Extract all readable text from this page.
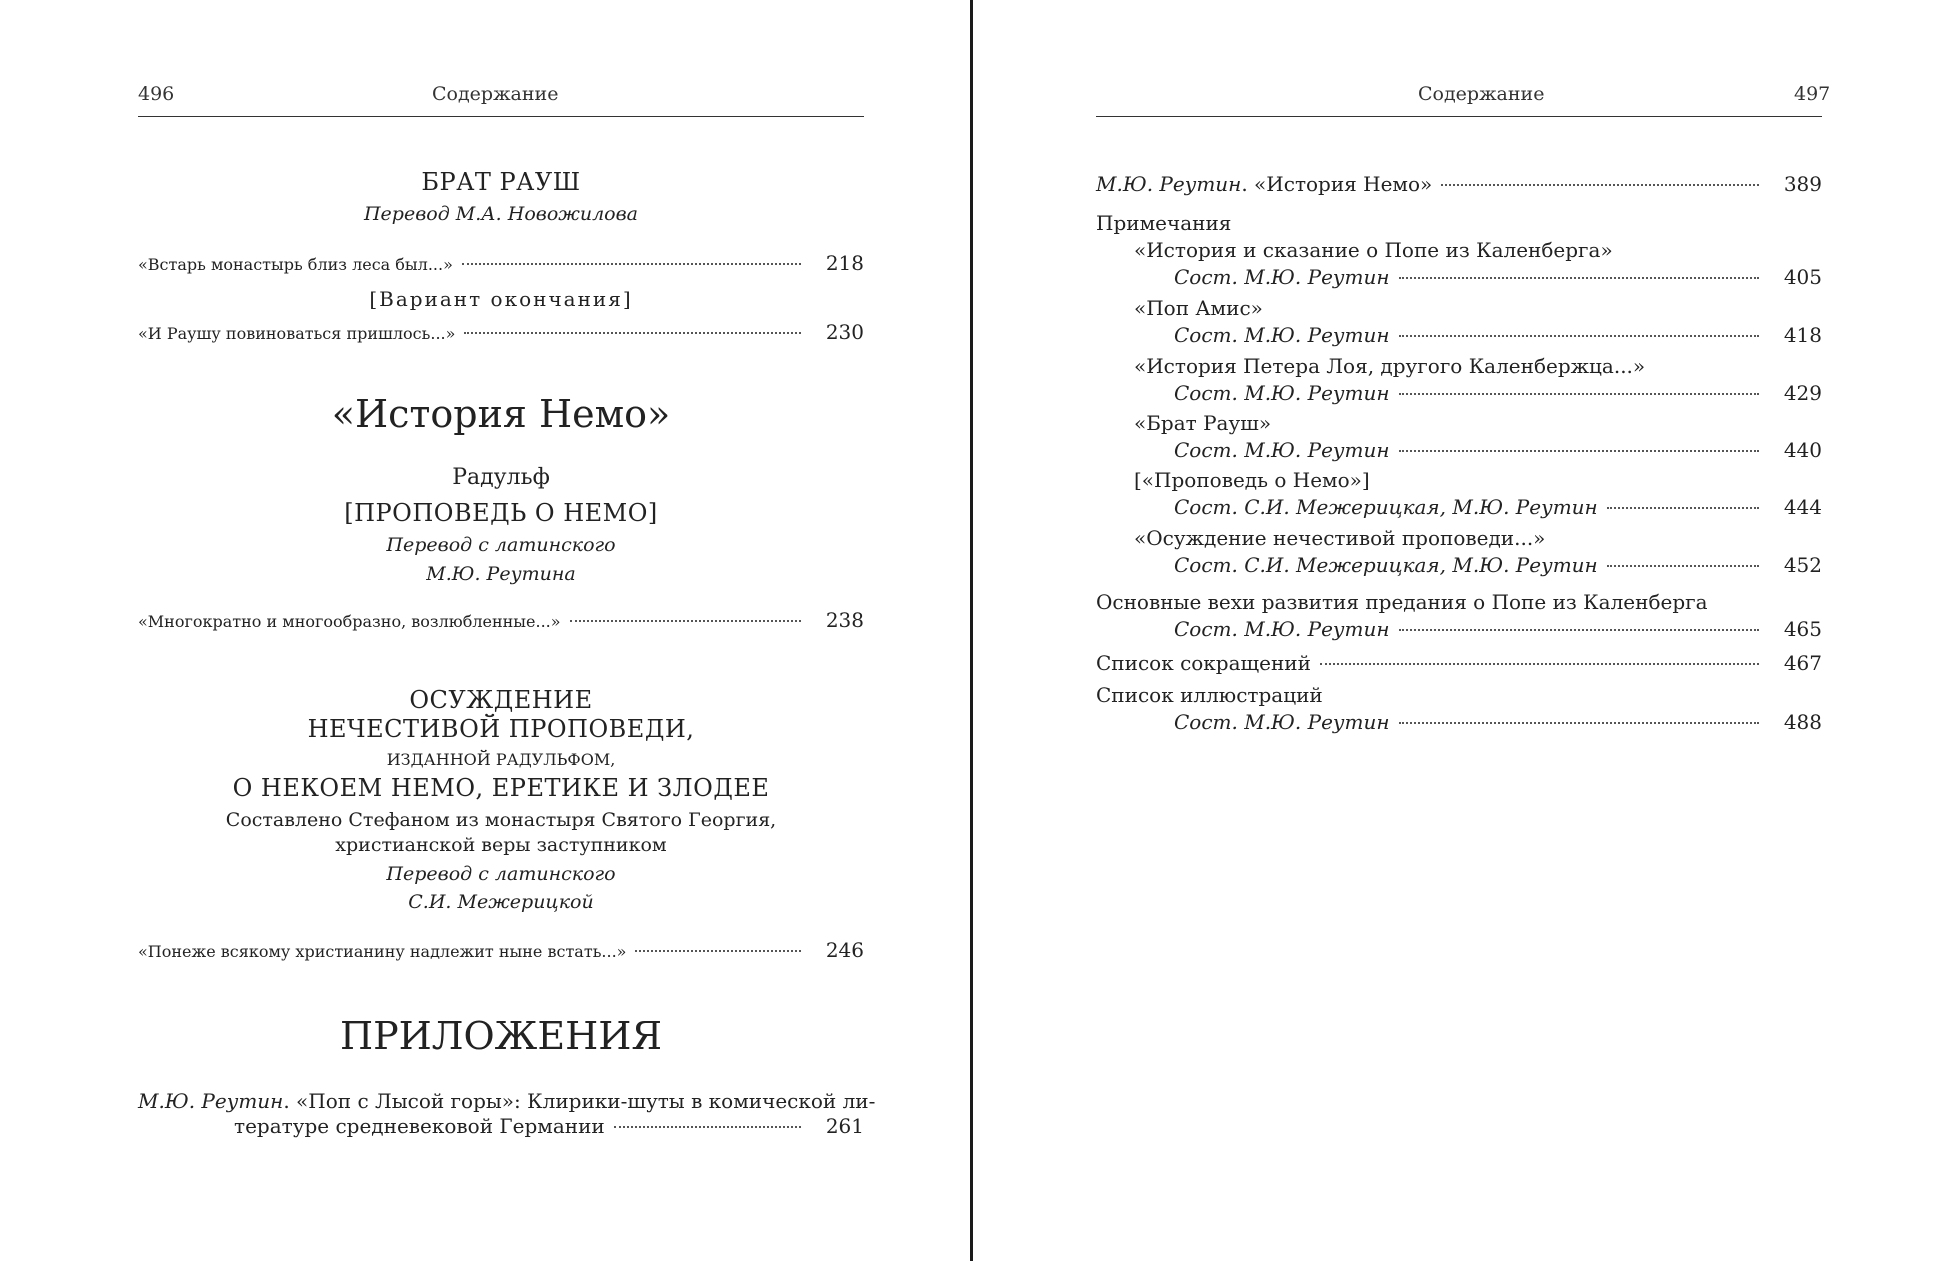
496	Содержание
БРАТ РАУШ
Перевод М.А. Новожилова
«Встарь монастырь близ леса был...»	218
[Вариант окончания]
«И Раушу повиноваться пришлось...»	230
«История Немо»
Радульф
[ПРОПОВЕДЬ О НЕМО]
Перевод с латинского
М.Ю. Реутина
«Многократно и многообразно, возлюбленные...»	238
ОСУЖДЕНИЕ
НЕЧЕСТИВОЙ ПРОПОВЕДИ,
ИЗДАННОЙ РАДУЛЬФОМ,
О НЕКОЕМ НЕМО, ЕРЕТИКЕ И ЗЛОДЕЕ
Составлено Стефаном из монастыря Святого Георгия,
христианской веры заступником
Перевод с латинского
С.И. Межерицкой
«Понеже всякому христианину надлежит ныне встать...»	246
ПРИЛОЖЕНИЯ
М.Ю. Реутин. «Поп с Лысой горы»: Клирики-шуты в комической ли-
тературе средневековой Германии	261
Содержание	497
М.Ю. Реутин. «История Немо»	389
Примечания
«История и сказание о Попе из Каленберга»
Сост. М.Ю. Реутин	405
«Поп Амис»
Сост. М.Ю. Реутин	418
«История Петера Лоя, другого Каленбержца...»
Сост. М.Ю. Реутин	429
«Брат Рауш»
Сост. М.Ю. Реутин	440
[«Проповедь о Немо»]
Сост. С.И. Межерицкая, М.Ю. Реутин	444
«Осуждение нечестивой проповеди...»
Сост. С.И. Межерицкая, М.Ю. Реутин	452
Основные вехи развития предания о Попе из Каленберга
Сост. М.Ю. Реутин	465
Список сокращений	467
Список иллюстраций
Сост. М.Ю. Реутин	488
